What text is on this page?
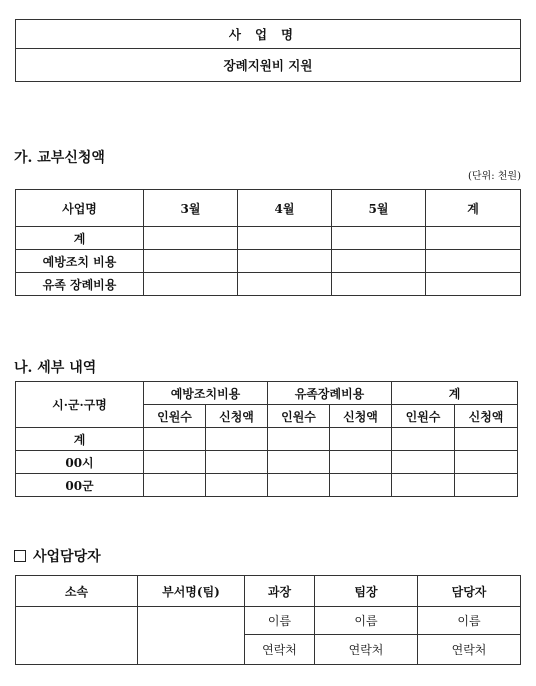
사업명
장례지원비 지원
가. 교부신청액
(단위: 천원)
사업명	3월	4월	5월	계
계				
예방조치 비용				
유족 장례비용				
나. 세부 내역
시·군·구명	예방조치비용		유족장례비용		계	
	인원수	신청액	인원수	신청액	인원수	신청액
계						
00시						
00군						
사업담당자
소속	부서명(팀)	과장	팀장	담당자
		이름	이름	이름
		연락처	연락처	연락처
